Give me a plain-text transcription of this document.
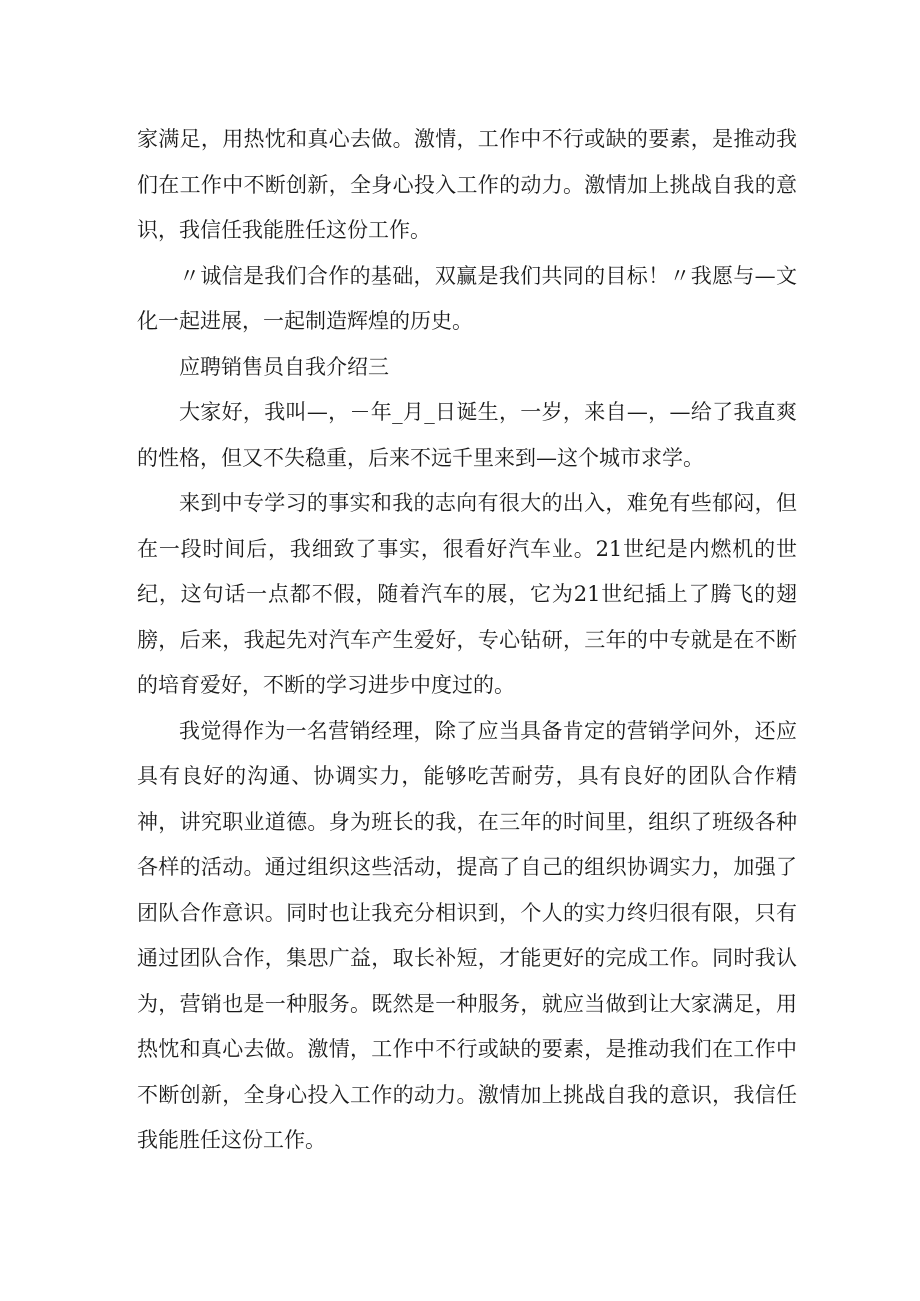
家满足，用热忱和真心去做。激情，工作中不行或缺的要素，是推动我们在工作中不断创新，全身心投入工作的动力。激情加上挑战自我的意识，我信任我能胜任这份工作。

〃诚信是我们合作的基础，双赢是我们共同的目标！〃我愿与—文化一起进展，一起制造辉煌的历史。

应聘销售员自我介绍三

大家好，我叫—，－年_月_日诞生，一岁，来自—，—给了我直爽的性格，但又不失稳重，后来不远千里来到—这个城市求学。

来到中专学习的事实和我的志向有很大的出入，难免有些郁闷，但在一段时间后，我细致了事实，很看好汽车业。21世纪是内燃机的世纪，这句话一点都不假，随着汽车的展，它为21世纪插上了腾飞的翅膀，后来，我起先对汽车产生爱好，专心钻研，三年的中专就是在不断的培育爱好，不断的学习进步中度过的。

我觉得作为一名营销经理，除了应当具备肯定的营销学问外，还应具有良好的沟通、协调实力，能够吃苦耐劳，具有良好的团队合作精神，讲究职业道德。身为班长的我，在三年的时间里，组织了班级各种各样的活动。通过组织这些活动，提高了自己的组织协调实力，加强了团队合作意识。同时也让我充分相识到，个人的实力终归很有限，只有通过团队合作，集思广益，取长补短，才能更好的完成工作。同时我认为，营销也是一种服务。既然是一种服务，就应当做到让大家满足，用热忱和真心去做。激情，工作中不行或缺的要素，是推动我们在工作中不断创新，全身心投入工作的动力。激情加上挑战自我的意识，我信任我能胜任这份工作。
